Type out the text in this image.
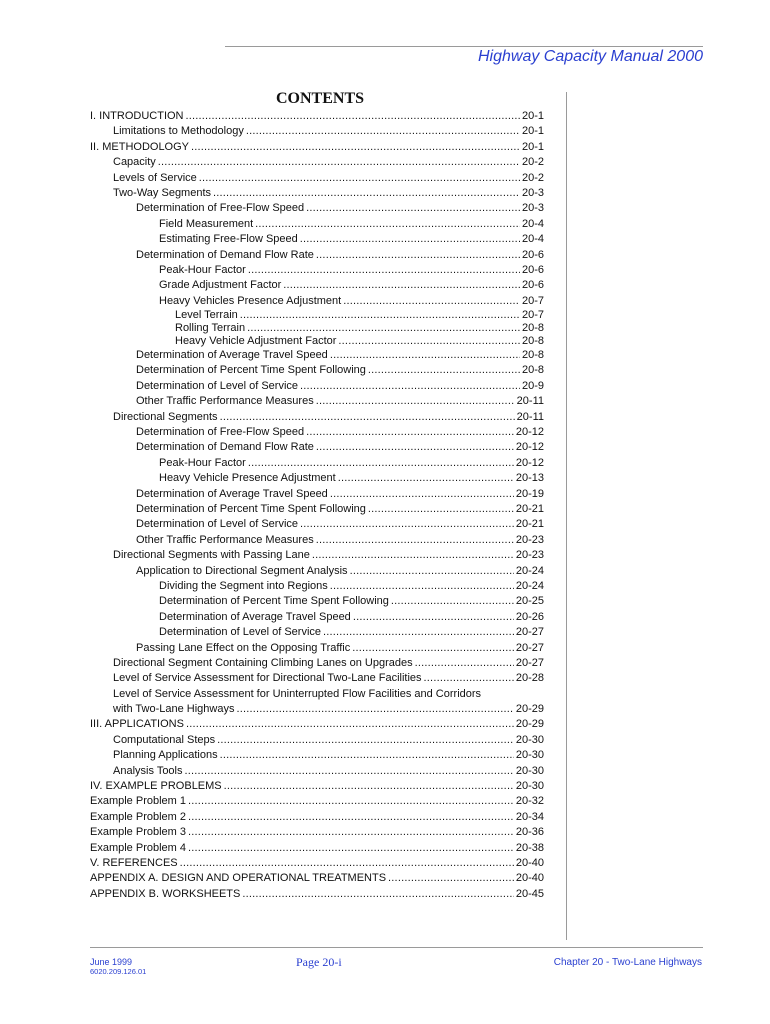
Highway Capacity Manual 2000
CONTENTS
I. INTRODUCTION .....	20-1
Limitations to Methodology .....	20-1
II. METHODOLOGY .....	20-1
Capacity .....	20-2
Levels of Service .....	20-2
Two-Way Segments .....	20-3
Determination of Free-Flow Speed .....	20-3
Field Measurement .....	20-4
Estimating Free-Flow Speed .....	20-4
Determination of Demand Flow Rate .....	20-6
Peak-Hour Factor .....	20-6
Grade Adjustment Factor .....	20-6
Heavy Vehicles Presence Adjustment .....	20-7
Level Terrain .....	20-7
Rolling Terrain .....	20-8
Heavy Vehicle Adjustment Factor .....	20-8
Determination of Average Travel Speed .....	20-8
Determination of Percent Time Spent Following .....	20-8
Determination of Level of Service .....	20-9
Other Traffic Performance Measures .....	20-11
Directional Segments .....	20-11
Determination of Free-Flow Speed .....	20-12
Determination of Demand Flow Rate .....	20-12
Peak-Hour Factor .....	20-12
Heavy Vehicle Presence Adjustment .....	20-13
Determination of Average Travel Speed .....	20-19
Determination of Percent Time Spent Following .....	20-21
Determination of Level of Service .....	20-21
Other Traffic Performance Measures .....	20-23
Directional Segments with Passing Lane .....	20-23
Application to Directional Segment Analysis .....	20-24
Dividing the Segment into Regions .....	20-24
Determination of Percent Time Spent Following .....	20-25
Determination of Average Travel Speed .....	20-26
Determination of Level of Service .....	20-27
Passing Lane Effect on the Opposing Traffic .....	20-27
Directional Segment Containing Climbing Lanes on Upgrades .....	20-27
Level of Service Assessment for Directional Two-Lane Facilities .....	20-28
Level of Service Assessment for Uninterrupted Flow Facilities and Corridors
with Two-Lane Highways .....	20-29
III. APPLICATIONS .....	20-29
Computational Steps .....	20-30
Planning Applications .....	20-30
Analysis Tools .....	20-30
IV. EXAMPLE PROBLEMS .....	20-30
Example Problem 1 .....	20-32
Example Problem 2 .....	20-34
Example Problem 3 .....	20-36
Example Problem 4 .....	20-38
V. REFERENCES .....	20-40
APPENDIX A. DESIGN AND OPERATIONAL TREATMENTS .....	20-40
APPENDIX B. WORKSHEETS .....	20-45
June 1999
6020.209.126.01
Page 20-i	Chapter 20 - Two-Lane Highways
